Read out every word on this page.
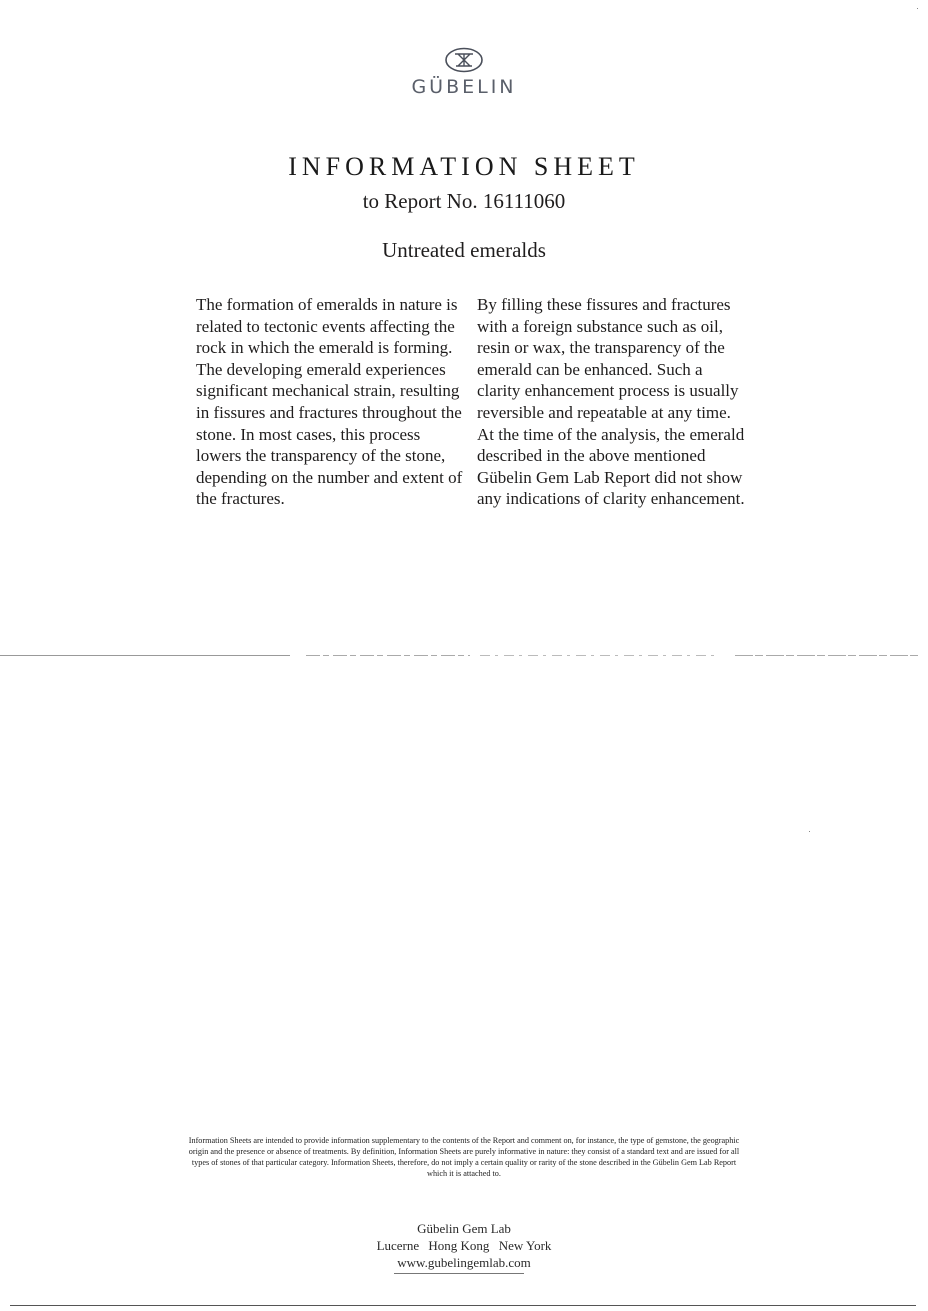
GÜBELIN
INFORMATION SHEET
to Report No. 16111060
Untreated emeralds
The formation of emeralds in nature is related to tectonic events affecting the rock in which the emerald is forming. The developing emerald experiences significant mechanical strain, resulting in fissures and fractures throughout the stone. In most cases, this process lowers the transparency of the stone, depending on the number and extent of the fractures.
By filling these fissures and fractures with a foreign substance such as oil, resin or wax, the transparency of the emerald can be enhanced. Such a clarity enhancement process is usually reversible and repeatable at any time. At the time of the analysis, the emerald described in the above mentioned Gübelin Gem Lab Report did not show any indications of clarity enhancement.
Information Sheets are intended to provide information supplementary to the contents of the Report and comment on, for instance, the type of gemstone, the geographic origin and the presence or absence of treatments. By definition, Information Sheets are purely informative in nature: they consist of a standard text and are issued for all types of stones of that particular category. Information Sheets, therefore, do not imply a certain quality or rarity of the stone described in the Gübelin Gem Lab Report which it is attached to.
Gübelin Gem Lab
Lucerne Hong Kong New York
www.gubelingemlab.com
